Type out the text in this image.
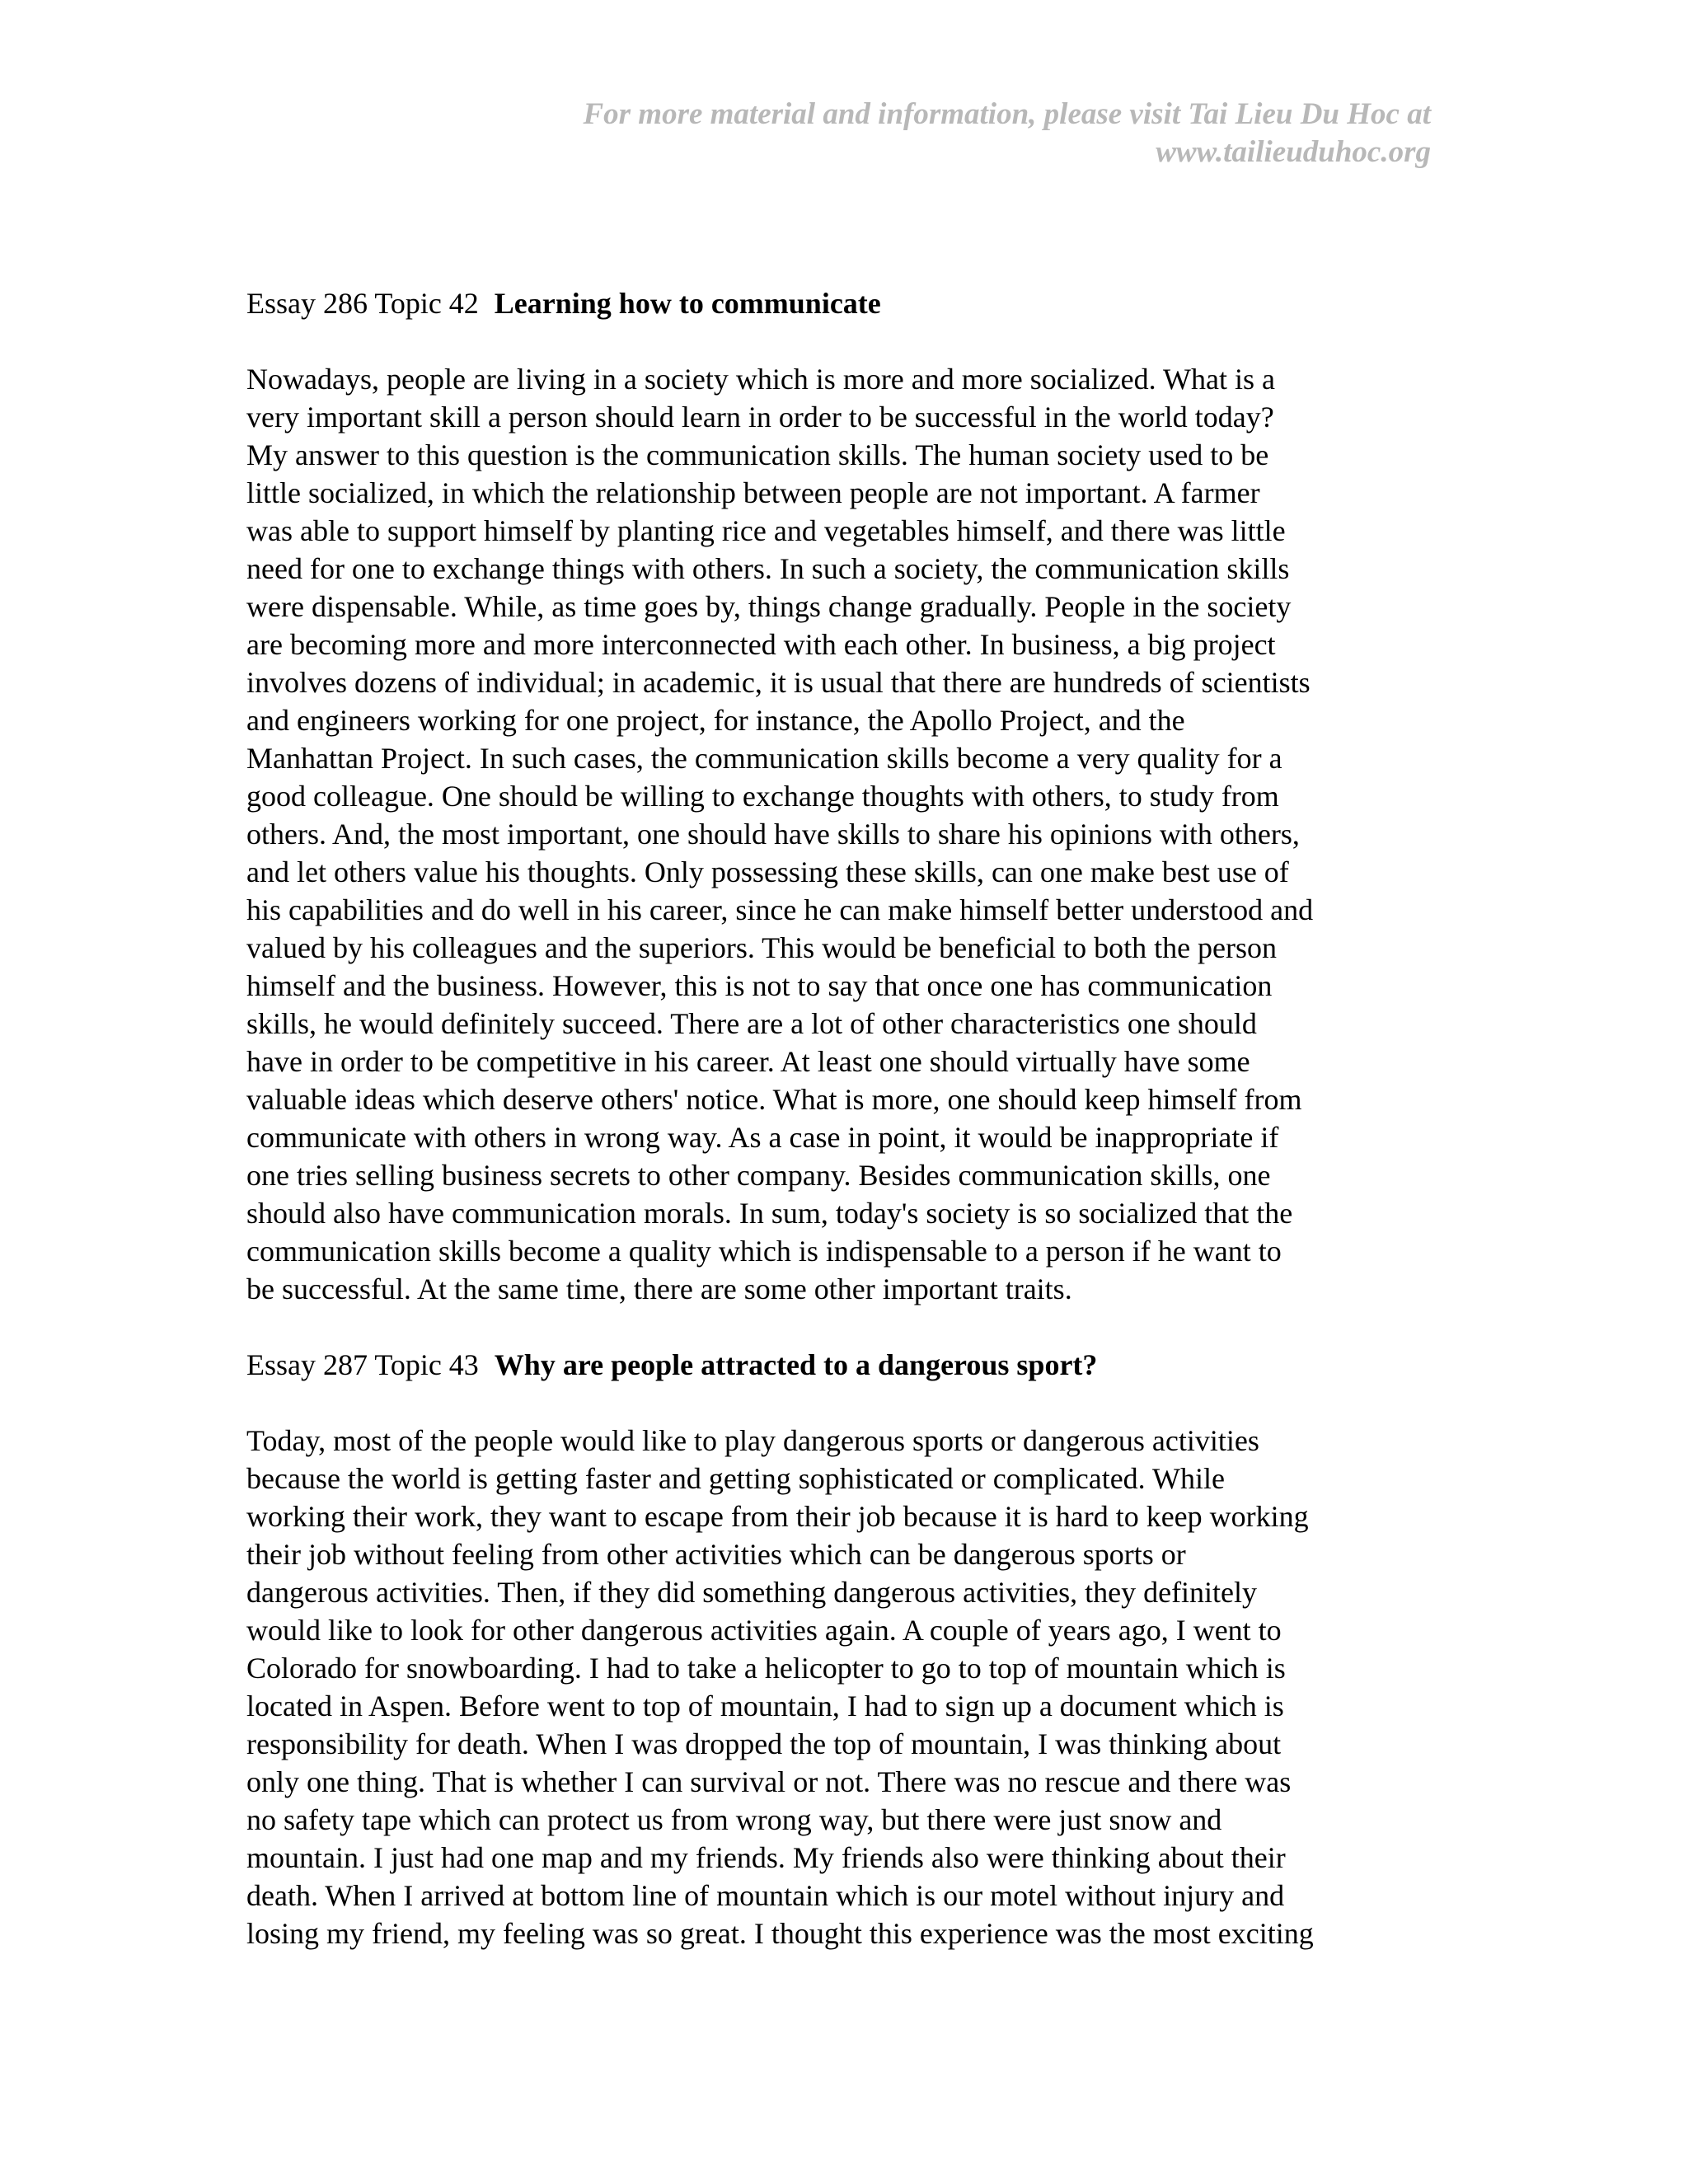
For more material and information, please visit Tai Lieu Du Hoc at
www.tailieuduhoc.org
Essay 286 Topic 42 Learning how to communicate
Nowadays, people are living in a society which is more and more socialized. What is a
very important skill a person should learn in order to be successful in the world today?
My answer to this question is the communication skills. The human society used to be
little socialized, in which the relationship between people are not important. A farmer
was able to support himself by planting rice and vegetables himself, and there was little
need for one to exchange things with others. In such a society, the communication skills
were dispensable. While, as time goes by, things change gradually. People in the society
are becoming more and more interconnected with each other. In business, a big project
involves dozens of individual; in academic, it is usual that there are hundreds of scientists
and engineers working for one project, for instance, the Apollo Project, and the
Manhattan Project. In such cases, the communication skills become a very quality for a
good colleague. One should be willing to exchange thoughts with others, to study from
others. And, the most important, one should have skills to share his opinions with others,
and let others value his thoughts. Only possessing these skills, can one make best use of
his capabilities and do well in his career, since he can make himself better understood and
valued by his colleagues and the superiors. This would be beneficial to both the person
himself and the business. However, this is not to say that once one has communication
skills, he would definitely succeed. There are a lot of other characteristics one should
have in order to be competitive in his career. At least one should virtually have some
valuable ideas which deserve others' notice. What is more, one should keep himself from
communicate with others in wrong way. As a case in point, it would be inappropriate if
one tries selling business secrets to other company. Besides communication skills, one
should also have communication morals. In sum, today's society is so socialized that the
communication skills become a quality which is indispensable to a person if he want to
be successful. At the same time, there are some other important traits.
Essay 287 Topic 43 Why are people attracted to a dangerous sport?
Today, most of the people would like to play dangerous sports or dangerous activities
because the world is getting faster and getting sophisticated or complicated. While
working their work, they want to escape from their job because it is hard to keep working
their job without feeling from other activities which can be dangerous sports or
dangerous activities. Then, if they did something dangerous activities, they definitely
would like to look for other dangerous activities again. A couple of years ago, I went to
Colorado for snowboarding. I had to take a helicopter to go to top of mountain which is
located in Aspen. Before went to top of mountain, I had to sign up a document which is
responsibility for death. When I was dropped the top of mountain, I was thinking about
only one thing. That is whether I can survival or not. There was no rescue and there was
no safety tape which can protect us from wrong way, but there were just snow and
mountain. I just had one map and my friends. My friends also were thinking about their
death. When I arrived at bottom line of mountain which is our motel without injury and
losing my friend, my feeling was so great. I thought this experience was the most exciting
